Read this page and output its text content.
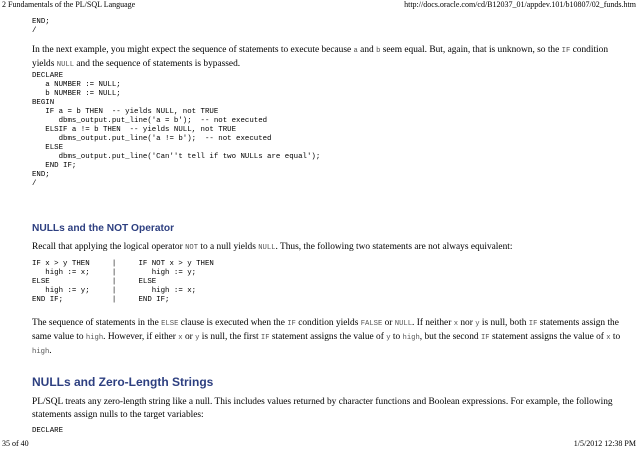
2 Fundamentals of the PL/SQL Language	http://docs.oracle.com/cd/B12037_01/appdev.101/b10807/02_funds.htm
END;
/

In the next example, you might expect the sequence of statements to execute because a and b seem equal. But, again, that is unknown, so the IF condition yields NULL and the sequence of statements is bypassed.

DECLARE
a NUMBER := NULL;
b NUMBER := NULL;
BEGIN
IF a = b THEN  -- yields NULL, not TRUE
dbms_output.put_line('a = b');  -- not executed
ELSIF a != b THEN  -- yields NULL, not TRUE
dbms_output.put_line('a != b');  -- not executed
ELSE
dbms_output.put_line('Can''t tell if two NULLs are equal');
END IF;
END;
/
NULLs and the NOT Operator

Recall that applying the logical operator NOT to a null yields NULL. Thus, the following two statements are not always equivalent:

IF x > y THEN     |     IF NOT x > y THEN
high := x;     |        high := y;
ELSE              |     ELSE
high := y;     |        high := x;
END IF;           |     END IF;

The sequence of statements in the ELSE clause is executed when the IF condition yields FALSE or NULL. If neither x nor y is null, both IF statements assign the same value to high. However, if either x or y is null, the first IF statement assigns the value of y to high, but the second IF statement assigns the value of x to high.

NULLs and Zero-Length Strings

PL/SQL treats any zero-length string like a null. This includes values returned by character functions and Boolean expressions. For example, the following statements assign nulls to the target variables:

DECLARE
35 of 40	1/5/2012 12:38 PM
